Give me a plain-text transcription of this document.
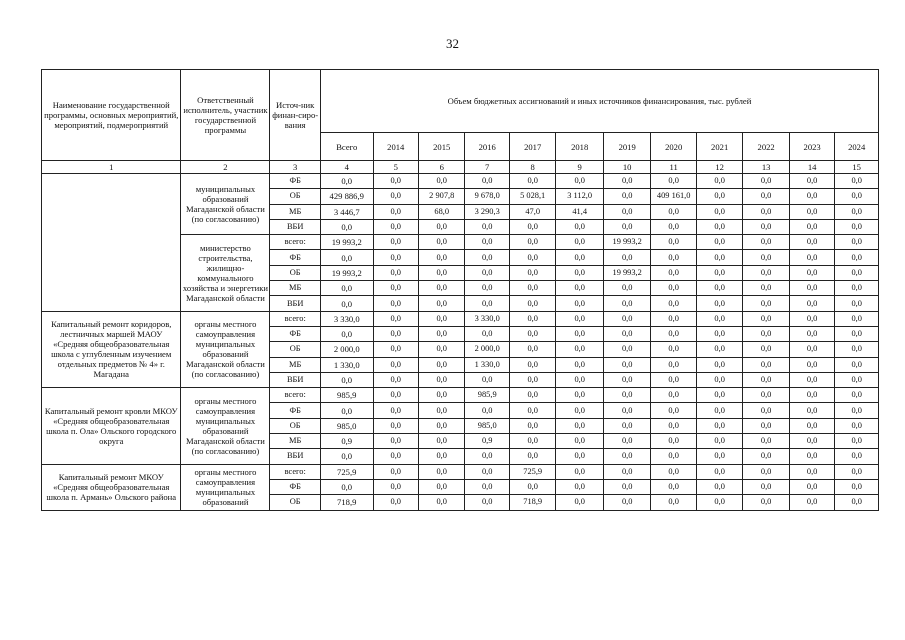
32
Наименование государственной программы, основных мероприятий, мероприятий, подмероприятий	Ответственный исполнитель, участник государственной программы	Источ-ник финан-сиро-вания	Объем бюджетных ассигнований и иных источников финансирования, тыс. рублей											
			Всего	2014	2015	2016	2017	2018	2019	2020	2021	2022	2023	2024
1	2	3	4	5	6	7	8	9	10	11	12	13	14	15
	муниципальных образований Магаданской области (по согласованию)	ФБ	0,0	0,0	0,0	0,0	0,0	0,0	0,0	0,0	0,0	0,0	0,0	0,0
		ОБ	429 886,9	0,0	2 907,8	9 678,0	5 028,1	3 112,0	0,0	409 161,0	0,0	0,0	0,0	0,0
		МБ	3 446,7	0,0	68,0	3 290,3	47,0	41,4	0,0	0,0	0,0	0,0	0,0	0,0
		ВБИ	0,0	0,0	0,0	0,0	0,0	0,0	0,0	0,0	0,0	0,0	0,0	0,0
	министерство строительства, жилищно-коммунального хозяйства и энергетики Магаданской области	всего:	19 993,2	0,0	0,0	0,0	0,0	0,0	19 993,2	0,0	0,0	0,0	0,0	0,0
		ФБ	0,0	0,0	0,0	0,0	0,0	0,0	0,0	0,0	0,0	0,0	0,0	0,0
		ОБ	19 993,2	0,0	0,0	0,0	0,0	0,0	19 993,2	0,0	0,0	0,0	0,0	0,0
		МБ	0,0	0,0	0,0	0,0	0,0	0,0	0,0	0,0	0,0	0,0	0,0	0,0
		ВБИ	0,0	0,0	0,0	0,0	0,0	0,0	0,0	0,0	0,0	0,0	0,0	0,0
Капитальный ремонт коридоров, лестничных маршей МАОУ «Средняя общеобразовательная школа с углубленным изучением отдельных предметов № 4» г. Магадана	органы местного самоуправления муниципальных образований Магаданской области (по согласованию)	всего:	3 330,0	0,0	0,0	3 330,0	0,0	0,0	0,0	0,0	0,0	0,0	0,0	0,0
		ФБ	0,0	0,0	0,0	0,0	0,0	0,0	0,0	0,0	0,0	0,0	0,0	0,0
		ОБ	2 000,0	0,0	0,0	2 000,0	0,0	0,0	0,0	0,0	0,0	0,0	0,0	0,0
		МБ	1 330,0	0,0	0,0	1 330,0	0,0	0,0	0,0	0,0	0,0	0,0	0,0	0,0
		ВБИ	0,0	0,0	0,0	0,0	0,0	0,0	0,0	0,0	0,0	0,0	0,0	0,0
Капитальный ремонт кровли МКОУ «Средняя общеобразовательная школа п. Ола» Ольского городского округа	органы местного самоуправления муниципальных образований Магаданской области (по согласованию)	всего:	985,9	0,0	0,0	985,9	0,0	0,0	0,0	0,0	0,0	0,0	0,0	0,0
		ФБ	0,0	0,0	0,0	0,0	0,0	0,0	0,0	0,0	0,0	0,0	0,0	0,0
		ОБ	985,0	0,0	0,0	985,0	0,0	0,0	0,0	0,0	0,0	0,0	0,0	0,0
		МБ	0,9	0,0	0,0	0,9	0,0	0,0	0,0	0,0	0,0	0,0	0,0	0,0
		ВБИ	0,0	0,0	0,0	0,0	0,0	0,0	0,0	0,0	0,0	0,0	0,0	0,0
Капитальный ремонт МКОУ «Средняя общеобразовательная школа п. Армань» Ольского района	органы местного самоуправления муниципальных образований	всего:	725,9	0,0	0,0	0,0	725,9	0,0	0,0	0,0	0,0	0,0	0,0	0,0
		ФБ	0,0	0,0	0,0	0,0	0,0	0,0	0,0	0,0	0,0	0,0	0,0	0,0
		ОБ	718,9	0,0	0,0	0,0	718,9	0,0	0,0	0,0	0,0	0,0	0,0	0,0
